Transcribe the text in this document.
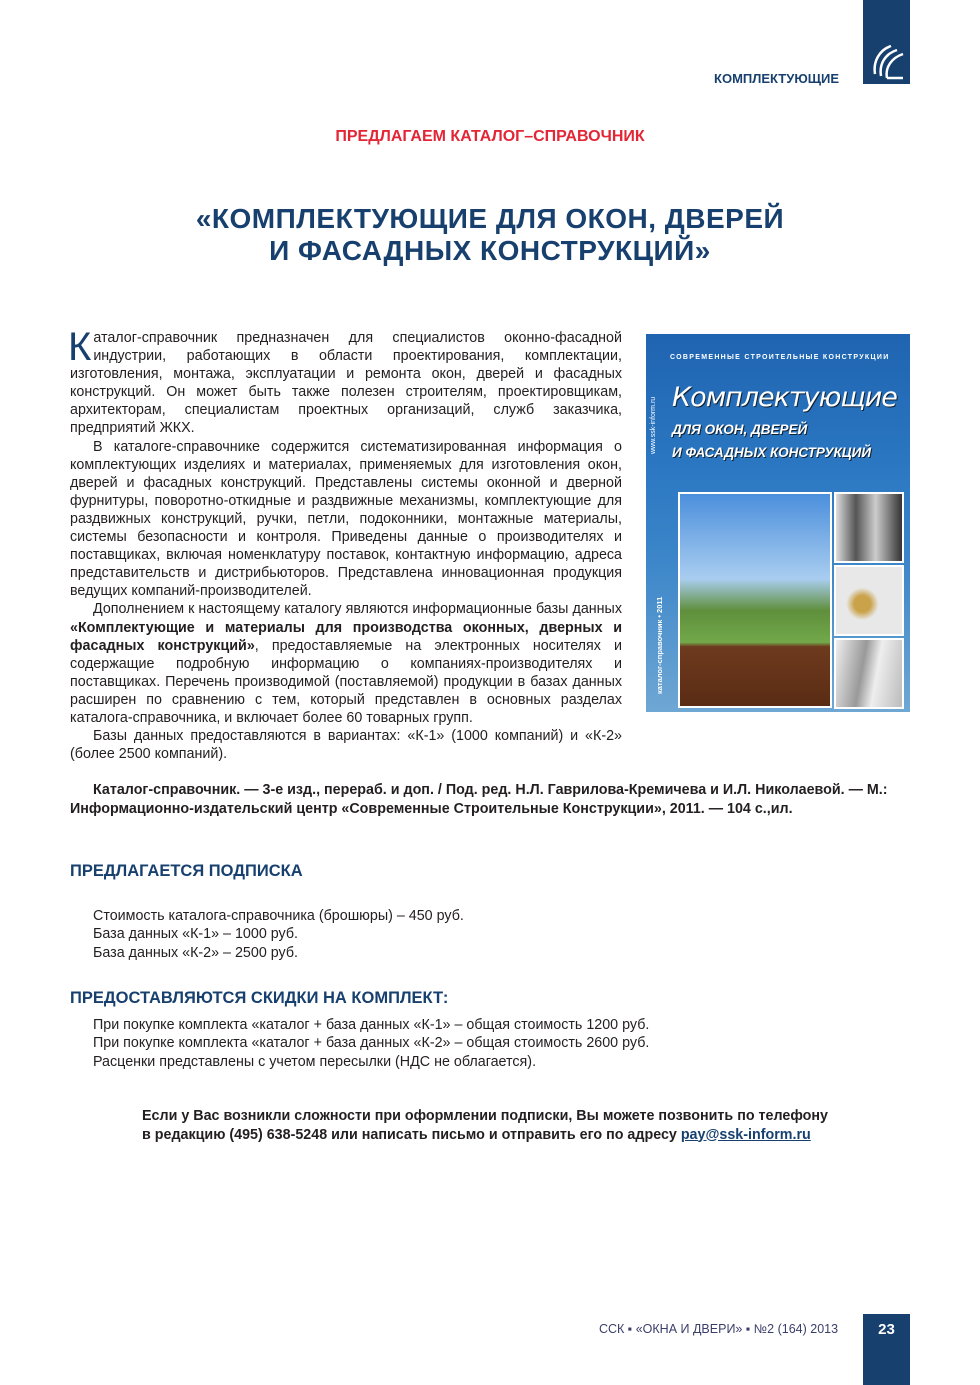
КОМПЛЕКТУЮЩИЕ
ПРЕДЛАГАЕМ КАТАЛОГ–СПРАВОЧНИК
«КОМПЛЕКТУЮЩИЕ ДЛЯ ОКОН, ДВЕРЕЙ
И ФАСАДНЫХ КОНСТРУКЦИЙ»

Каталог-справочник предназначен для специалистов оконно-фасадной индустрии, работающих в области проектирования, комплектации, изготовления, монтажа, эксплуатации и ремонта окон, дверей и фасадных конструкций. Он может быть также полезен строителям, проектировщикам, архитекторам, специалистам проектных организаций, служб заказчика, предприятий ЖКХ.

В каталоге-справочнике содержится систематизированная информация о комплектующих изделиях и материалах, применяемых для изготовления окон, дверей и фасадных конструкций. Представлены системы оконной и дверной фурнитуры, поворотно-откидные и раздвижные механизмы, комплектующие для раздвижных конструкций, ручки, петли, подоконники, монтажные материалы, системы безопасности и контроля. Приведены данные о производителях и поставщиках, включая номенклатуру поставок, контактную информацию, адреса представительств и дистрибьюторов. Представлена инновационная продукция ведущих компаний-производителей.

Дополнением к настоящему каталогу являются информационные базы данных «Комплектующие и материалы для производства оконных, дверных и фасадных конструкций», предоставляемые на электронных носителях и содержащие подробную информацию о компаниях-производителях и поставщиках. Перечень производимой (поставляемой) продукции в базах данных расширен по сравнению с тем, который представлен в основных разделах каталога-справочника, и включает более 60 товарных групп.

Базы данных предоставляются в вариантах: «К-1» (1000 компаний) и «К-2» (более 2500 компаний).

СОВРЕМЕННЫЕ СТРОИТЕЛЬНЫЕ КОНСТРУКЦИИ
Комплектующие
ДЛЯ ОКОН, ДВЕРЕЙ
И ФАСАДНЫХ КОНСТРУКЦИЙ
www.ssk-inform.ru
каталог-справочник • 2011
Каталог-справочник. — 3-е изд., перераб. и доп. / Под. ред. Н.Л. Гаврилова-Кремичева и И.Л. Николаевой. — М.: Информационно-издательский центр «Современные Строительные Конструкции», 2011. — 104 с.,ил.
ПРЕДЛАГАЕТСЯ ПОДПИСКА
Стоимость каталога-справочника (брошюры) – 450 руб.
База данных «К-1» – 1000 руб.
База данных «К-2» – 2500 руб.
ПРЕДОСТАВЛЯЮТСЯ СКИДКИ НА КОМПЛЕКТ:
При покупке комплекта «каталог + база данных «К-1» – общая стоимость 1200 руб.
При покупке комплекта «каталог + база данных «К-2» – общая стоимость 2600 руб.
Расценки представлены с учетом пересылки (НДС не облагается).
Если у Вас возникли сложности при оформлении подписки, Вы можете позвонить по телефону
в редакцию (495) 638-5248 или написать письмо и отправить его по адресу pay@ssk-inform.ru
ССК ▪ «ОКНА И ДВЕРИ» ▪ №2 (164) 2013	23
